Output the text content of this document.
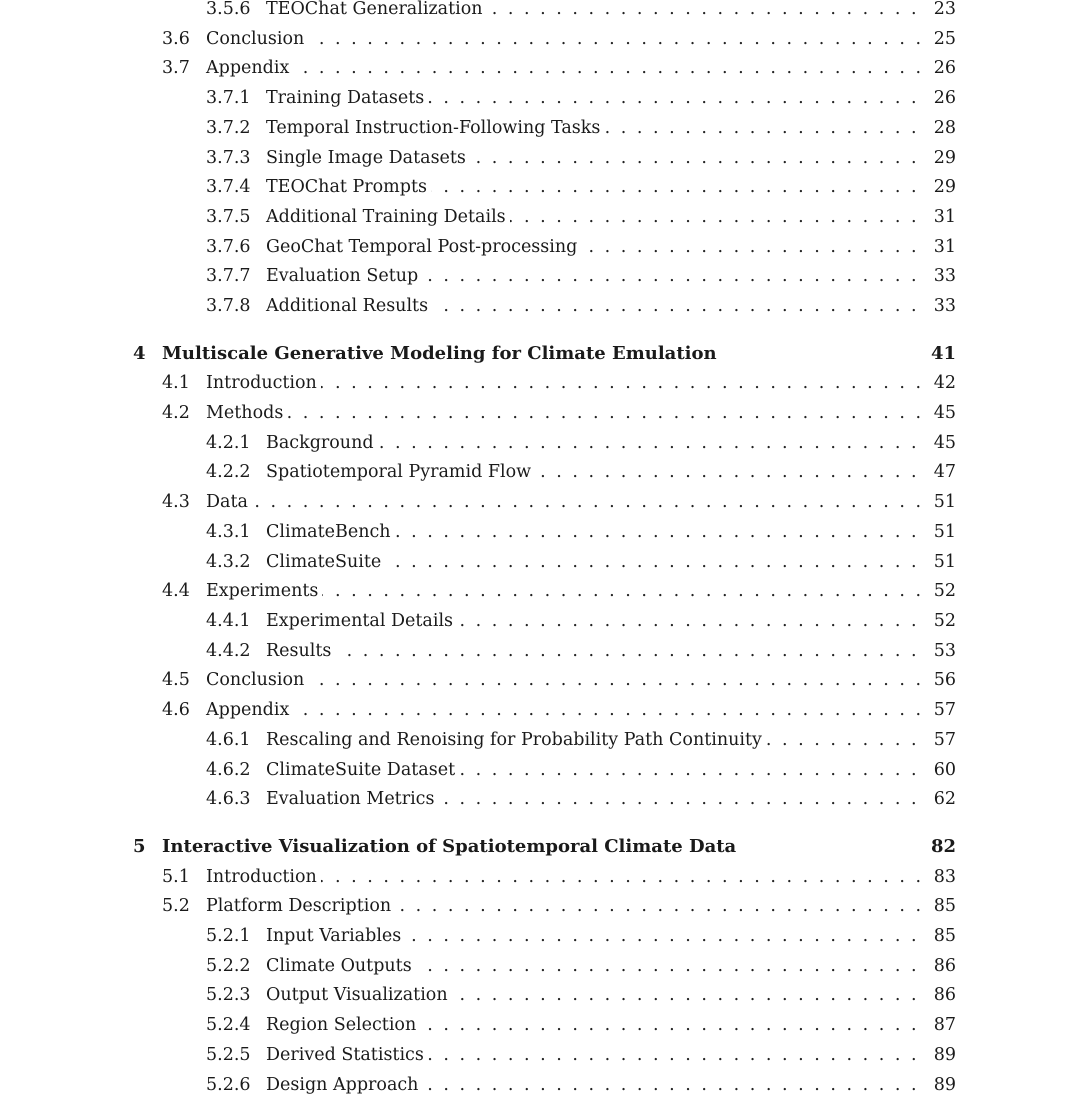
3.5.6 . . . TEOChat Generalization	23
3.6 . . . Conclusion	25
3.7 . . . Appendix	26
3.7.1 . . . Training Datasets	26
3.7.2 . . . Temporal Instruction-Following Tasks	28
3.7.3 . . . Single Image Datasets	29
3.7.4 . . . TEOChat Prompts	29
3.7.5 . . . Additional Training Details	31
3.7.6 . . . GeoChat Temporal Post-processing	31
3.7.7 . . . Evaluation Setup	33
3.7.8 . . . Additional Results	33
4 Multiscale Generative Modeling for Climate Emulation	41
4.1 . . . Introduction	42
4.2 . . . Methods	45
4.2.1 . . . Background	45
4.2.2 . . . Spatiotemporal Pyramid Flow	47
4.3 . . . Data	51
4.3.1 . . . ClimateBench	51
4.3.2 . . . ClimateSuite	51
4.4 . . . Experiments	52
4.4.1 . . . Experimental Details	52
4.4.2 . . . Results	53
4.5 . . . Conclusion	56
4.6 . . . Appendix	57
4.6.1 . . . Rescaling and Renoising for Probability Path Continuity	57
4.6.2 . . . ClimateSuite Dataset	60
4.6.3 . . . Evaluation Metrics	62
5 Interactive Visualization of Spatiotemporal Climate Data	82
5.1 . . . Introduction	83
5.2 . . . Platform Description	85
5.2.1 . . . Input Variables	85
5.2.2 . . . Climate Outputs	86
5.2.3 . . . Output Visualization	86
5.2.4 . . . Region Selection	87
5.2.5 . . . Derived Statistics	89
5.2.6 . . . Design Approach	89
